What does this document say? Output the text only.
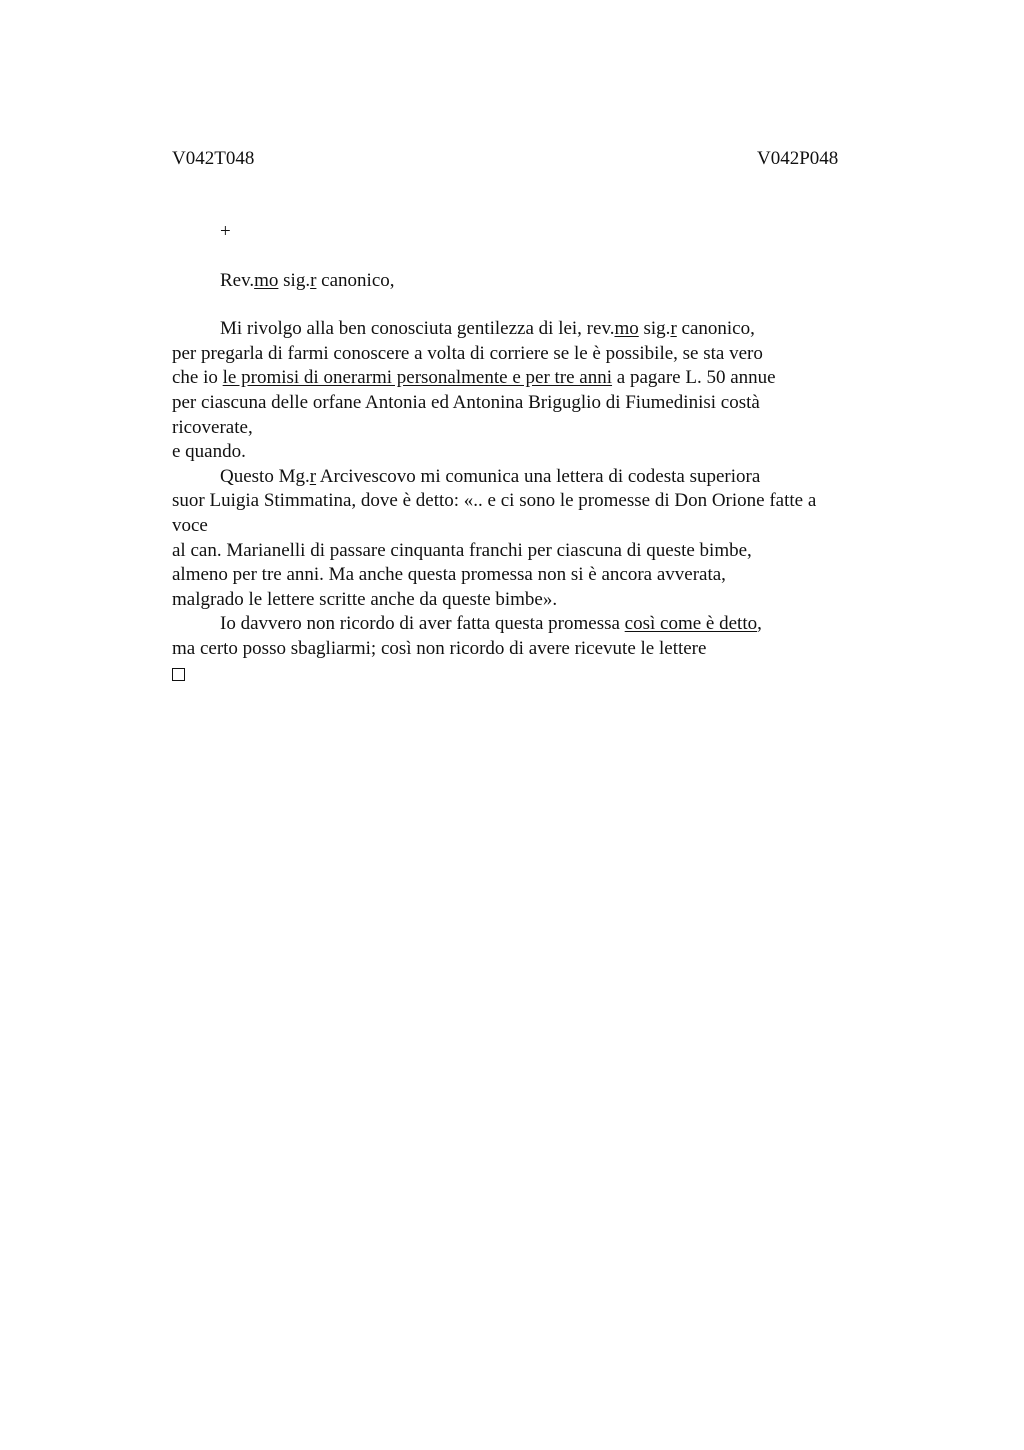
V042T048	V042P048
+
Rev.mo sig.r canonico,
Mi rivolgo alla ben conosciuta gentilezza di lei, rev.mo sig.r canonico,
per pregarla di farmi conoscere a volta di corriere se le è possibile, se sta vero
che io le promisi di onerarmi personalmente e per tre anni a pagare L. 50 annue
per ciascuna delle orfane Antonia ed Antonina Briguglio di Fiumedinisi costà
ricoverate,
e quando.
Questo Mg.r Arcivescovo mi comunica una lettera di codesta superiora
suor Luigia Stimmatina, dove è detto: «.. e ci sono le promesse di Don Orione fatte a
voce
al can. Marianelli di passare cinquanta franchi per ciascuna di queste bimbe,
almeno per tre anni. Ma anche questa promessa non si è ancora avverata,
malgrado le lettere scritte anche da queste bimbe».
Io davvero non ricordo di aver fatta questa promessa così come è detto,
ma certo posso sbagliarmi; così non ricordo di avere ricevute le lettere
